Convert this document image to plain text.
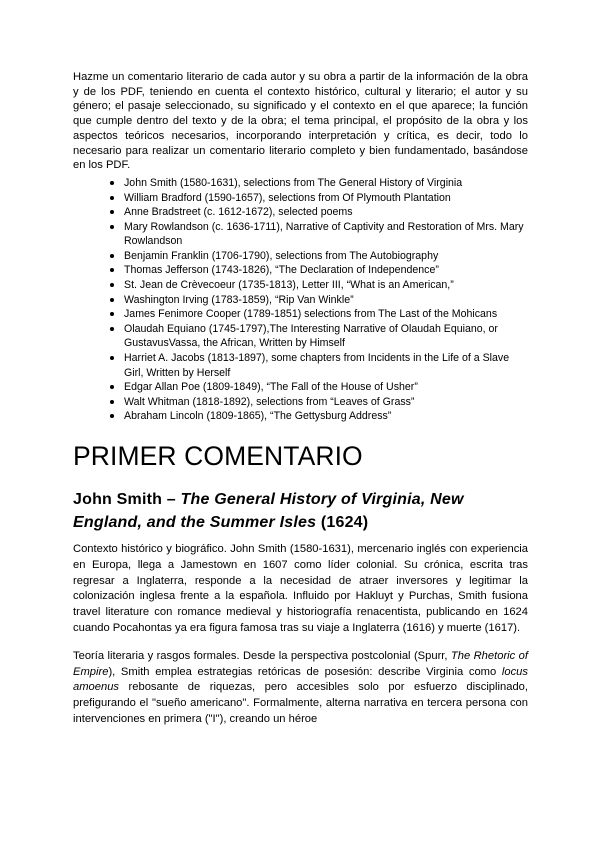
Hazme un comentario literario de cada autor y su obra a partir de la información de la obra y de los PDF, teniendo en cuenta el contexto histórico, cultural y literario; el autor y su género; el pasaje seleccionado, su significado y el contexto en el que aparece; la función que cumple dentro del texto y de la obra; el tema principal, el propósito de la obra y los aspectos teóricos necesarios, incorporando interpretación y crítica, es decir, todo lo necesario para realizar un comentario literario completo y bien fundamentado, basándose en los PDF.

John Smith (1580-1631), selections from The General History of Virginia
William Bradford (1590-1657), selections from Of Plymouth Plantation
Anne Bradstreet (c. 1612-1672), selected poems
Mary Rowlandson (c. 1636-1711), Narrative of Captivity and Restoration of Mrs. Mary Rowlandson
Benjamin Franklin (1706-1790), selections from The Autobiography
Thomas Jefferson (1743-1826), “The Declaration of Independence”
St. Jean de Crèvecoeur (1735-1813), Letter III, “What is an American,”
Washington Irving (1783-1859), “Rip Van Winkle”
James Fenimore Cooper (1789-1851) selections from The Last of the Mohicans
Olaudah Equiano (1745-1797),The Interesting Narrative of Olaudah Equiano, or GustavusVassa, the African, Written by Himself
Harriet A. Jacobs (1813-1897), some chapters from Incidents in the Life of a Slave Girl, Written by Herself
Edgar Allan Poe (1809-1849), “The Fall of the House of Usher”
Walt Whitman (1818-1892), selections from “Leaves of Grass”
Abraham Lincoln (1809-1865), “The Gettysburg Address”
PRIMER COMENTARIO
John Smith – The General History of Virginia, New England, and the Summer Isles (1624)

Contexto histórico y biográfico. John Smith (1580-1631), mercenario inglés con experiencia en Europa, llega a Jamestown en 1607 como líder colonial. Su crónica, escrita tras regresar a Inglaterra, responde a la necesidad de atraer inversores y legitimar la colonización inglesa frente a la española. Influido por Hakluyt y Purchas, Smith fusiona travel literature con romance medieval y historiografía renacentista, publicando en 1624 cuando Pocahontas ya era figura famosa tras su viaje a Inglaterra (1616) y muerte (1617).

Teoría literaria y rasgos formales. Desde la perspectiva postcolonial (Spurr, The Rhetoric of Empire), Smith emplea estrategias retóricas de posesión: describe Virginia como locus amoenus rebosante de riquezas, pero accesibles solo por esfuerzo disciplinado, prefigurando el "sueño americano". Formalmente, alterna narrativa en tercera persona con intervenciones en primera ("I"), creando un héroe
